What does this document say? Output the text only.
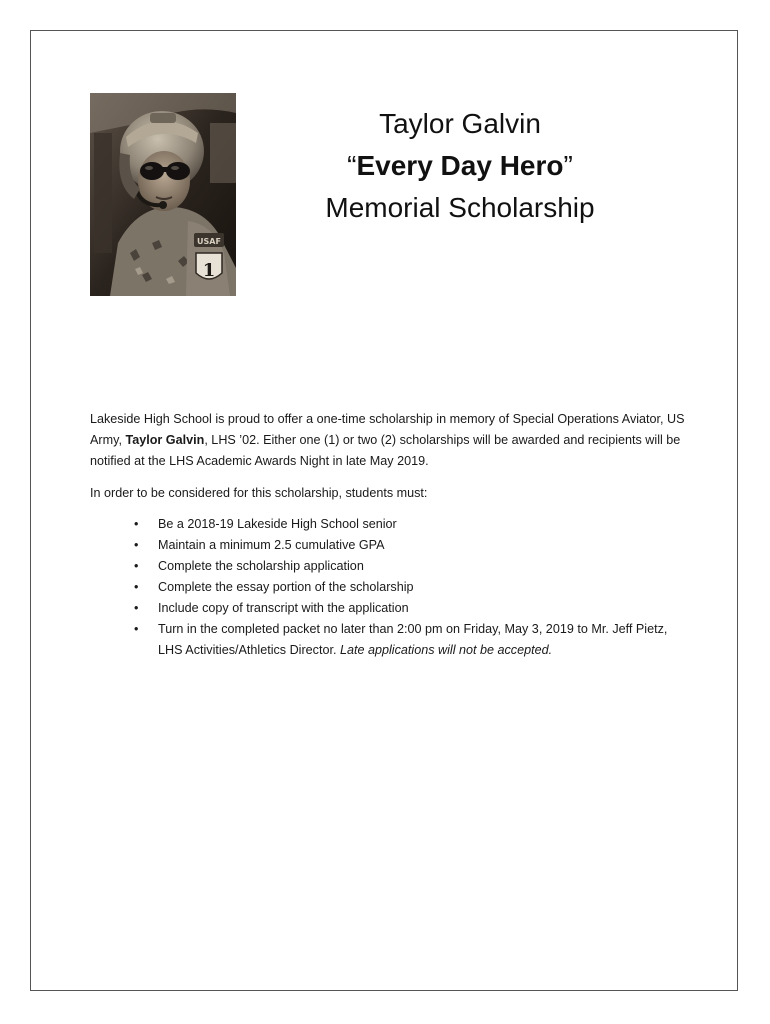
USAF
1
Taylor Galvin
“Every Day Hero”
Memorial Scholarship

Lakeside High School is proud to offer a one-time scholarship in memory of Special Operations Aviator, US Army, Taylor Galvin, LHS ’02. Either one (1) or two (2) scholarships will be awarded and recipients will be notified at the LHS Academic Awards Night in late May 2019.

In order to be considered for this scholarship, students must:

• Be a 2018-19 Lakeside High School senior
• Maintain a minimum 2.5 cumulative GPA
• Complete the scholarship application
• Complete the essay portion of the scholarship
• Include copy of transcript with the application
• Turn in the completed packet no later than 2:00 pm on Friday, May 3, 2019 to Mr. Jeff Pietz, LHS Activities/Athletics Director. Late applications will not be accepted.
